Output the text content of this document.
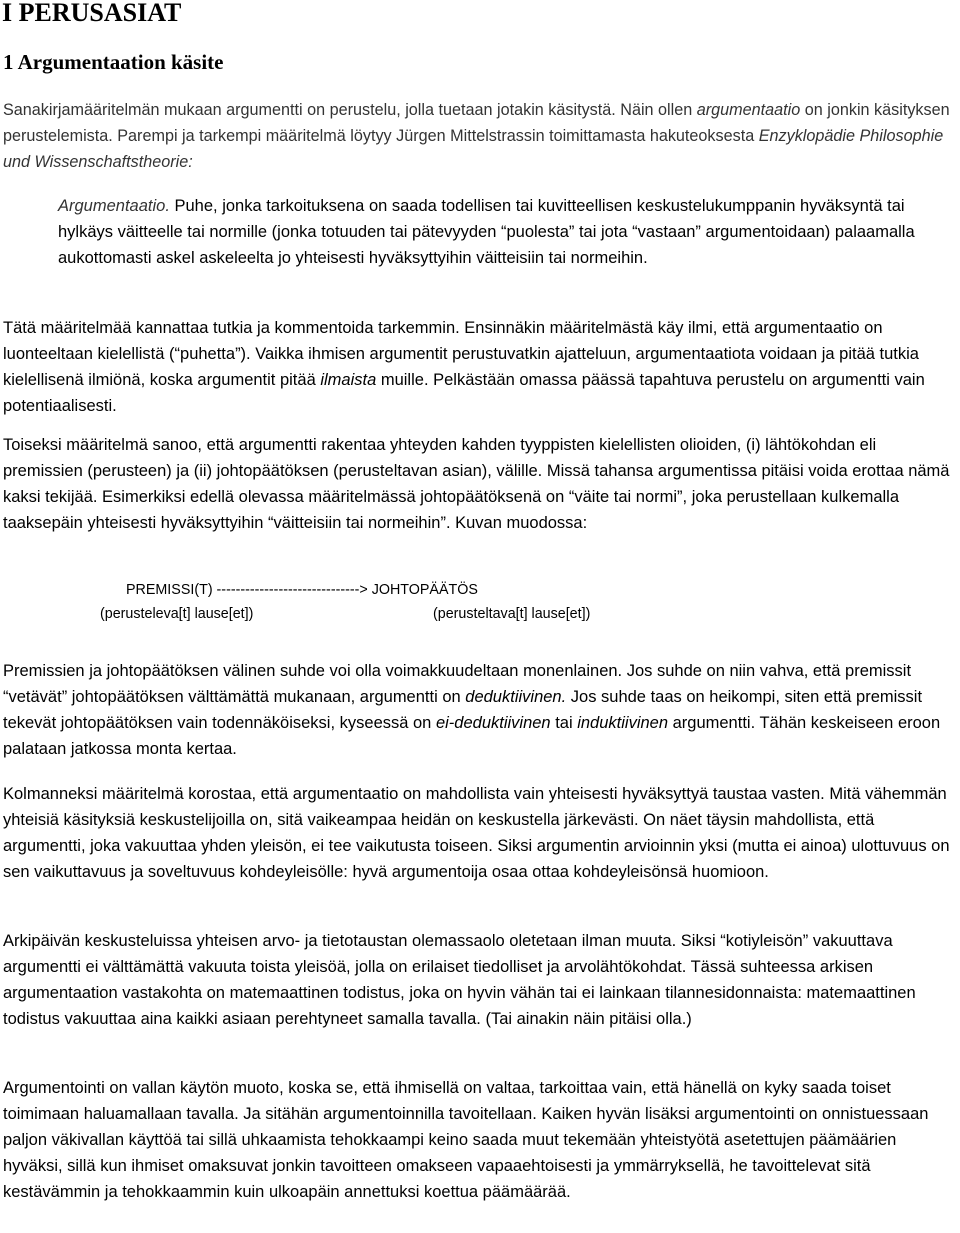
I PERUSASIAT
1 Argumentaation käsite

Sanakirjamääritelmän mukaan argumentti on perustelu, jolla tuetaan jotakin käsitystä. Näin ollen argumentaatio on jonkin käsityksen perustelemista. Parempi ja tarkempi määritelmä löytyy Jürgen Mittelstrassin toimittamasta hakuteoksesta Enzyklopädie Philosophie und Wissenschaftstheorie:

Argumentaatio. Puhe, jonka tarkoituksena on saada todellisen tai kuvitteellisen keskustelukumppanin hyväksyntä tai hylkäys väitteelle tai normille (jonka totuuden tai pätevyyden “puolesta” tai jota “vastaan” argumentoidaan) palaamalla aukottomasti askel askeleelta jo yhteisesti hyväksyttyihin väitteisiin tai normeihin.

Tätä määritelmää kannattaa tutkia ja kommentoida tarkemmin. Ensinnäkin määritelmästä käy ilmi, että argumentaatio on luonteeltaan kielellistä (“puhetta”). Vaikka ihmisen argumentit perustuvatkin ajatteluun, argumentaatiota voidaan ja pitää tutkia kielellisenä ilmiönä, koska argumentit pitää ilmaista muille. Pelkästään omassa päässä tapahtuva perustelu on argumentti vain potentiaalisesti.

Toiseksi määritelmä sanoo, että argumentti rakentaa yhteyden kahden tyyppisten kielellisten olioiden, (i) lähtökohdan eli premissien (perusteen) ja (ii) johtopäätöksen (perusteltavan asian), välille. Missä tahansa argumentissa pitäisi voida erottaa nämä kaksi tekijää. Esimerkiksi edellä olevassa määritelmässä johtopäätöksenä on “väite tai normi”, joka perustellaan kulkemalla taaksepäin yhteisesti hyväksyttyihin “väitteisiin tai normeihin”. Kuvan muodossa:

PREMISSI(T) ------------------------------> JOHTOPÄÄTÖS
(perusteleva[t] lause[et])	(perusteltava[t] lause[et])

Premissien ja johtopäätöksen välinen suhde voi olla voimakkuudeltaan monenlainen. Jos suhde on niin vahva, että premissit “vetävät” johtopäätöksen välttämättä mukanaan, argumentti on deduktiivinen. Jos suhde taas on heikompi, siten että premissit tekevät johtopäätöksen vain todennäköiseksi, kyseessä on ei-deduktiivinen tai induktiivinen argumentti. Tähän keskeiseen eroon palataan jatkossa monta kertaa.

Kolmanneksi määritelmä korostaa, että argumentaatio on mahdollista vain yhteisesti hyväksyttyä taustaa vasten. Mitä vähemmän yhteisiä käsityksiä keskustelijoilla on, sitä vaikeampaa heidän on keskustella järkevästi. On näet täysin mahdollista, että argumentti, joka vakuuttaa yhden yleisön, ei tee vaikutusta toiseen. Siksi argumentin arvioinnin yksi (mutta ei ainoa) ulottuvuus on sen vaikuttavuus ja soveltuvuus kohdeyleisölle: hyvä argumentoija osaa ottaa kohdeyleisönsä huomioon.

Arkipäivän keskusteluissa yhteisen arvo- ja tietotaustan olemassaolo oletetaan ilman muuta. Siksi “kotiyleisön” vakuuttava argumentti ei välttämättä vakuuta toista yleisöä, jolla on erilaiset tiedolliset ja arvolähtökohdat. Tässä suhteessa arkisen argumentaation vastakohta on matemaattinen todistus, joka on hyvin vähän tai ei lainkaan tilannesidonnaista: matemaattinen todistus vakuuttaa aina kaikki asiaan perehtyneet samalla tavalla. (Tai ainakin näin pitäisi olla.)

Argumentointi on vallan käytön muoto, koska se, että ihmisellä on valtaa, tarkoittaa vain, että hänellä on kyky saada toiset toimimaan haluamallaan tavalla. Ja sitähän argumentoinnilla tavoitellaan. Kaiken hyvän lisäksi argumentointi on onnistuessaan paljon väkivallan käyttöä tai sillä uhkaamista tehokkaampi keino saada muut tekemään yhteistyötä asetettujen päämäärien hyväksi, sillä kun ihmiset omaksuvat jonkin tavoitteen omakseen vapaaehtoisesti ja ymmärryksellä, he tavoittelevat sitä kestävämmin ja tehokkaammin kuin ulkoapäin annettuksi koettua päämäärää.
